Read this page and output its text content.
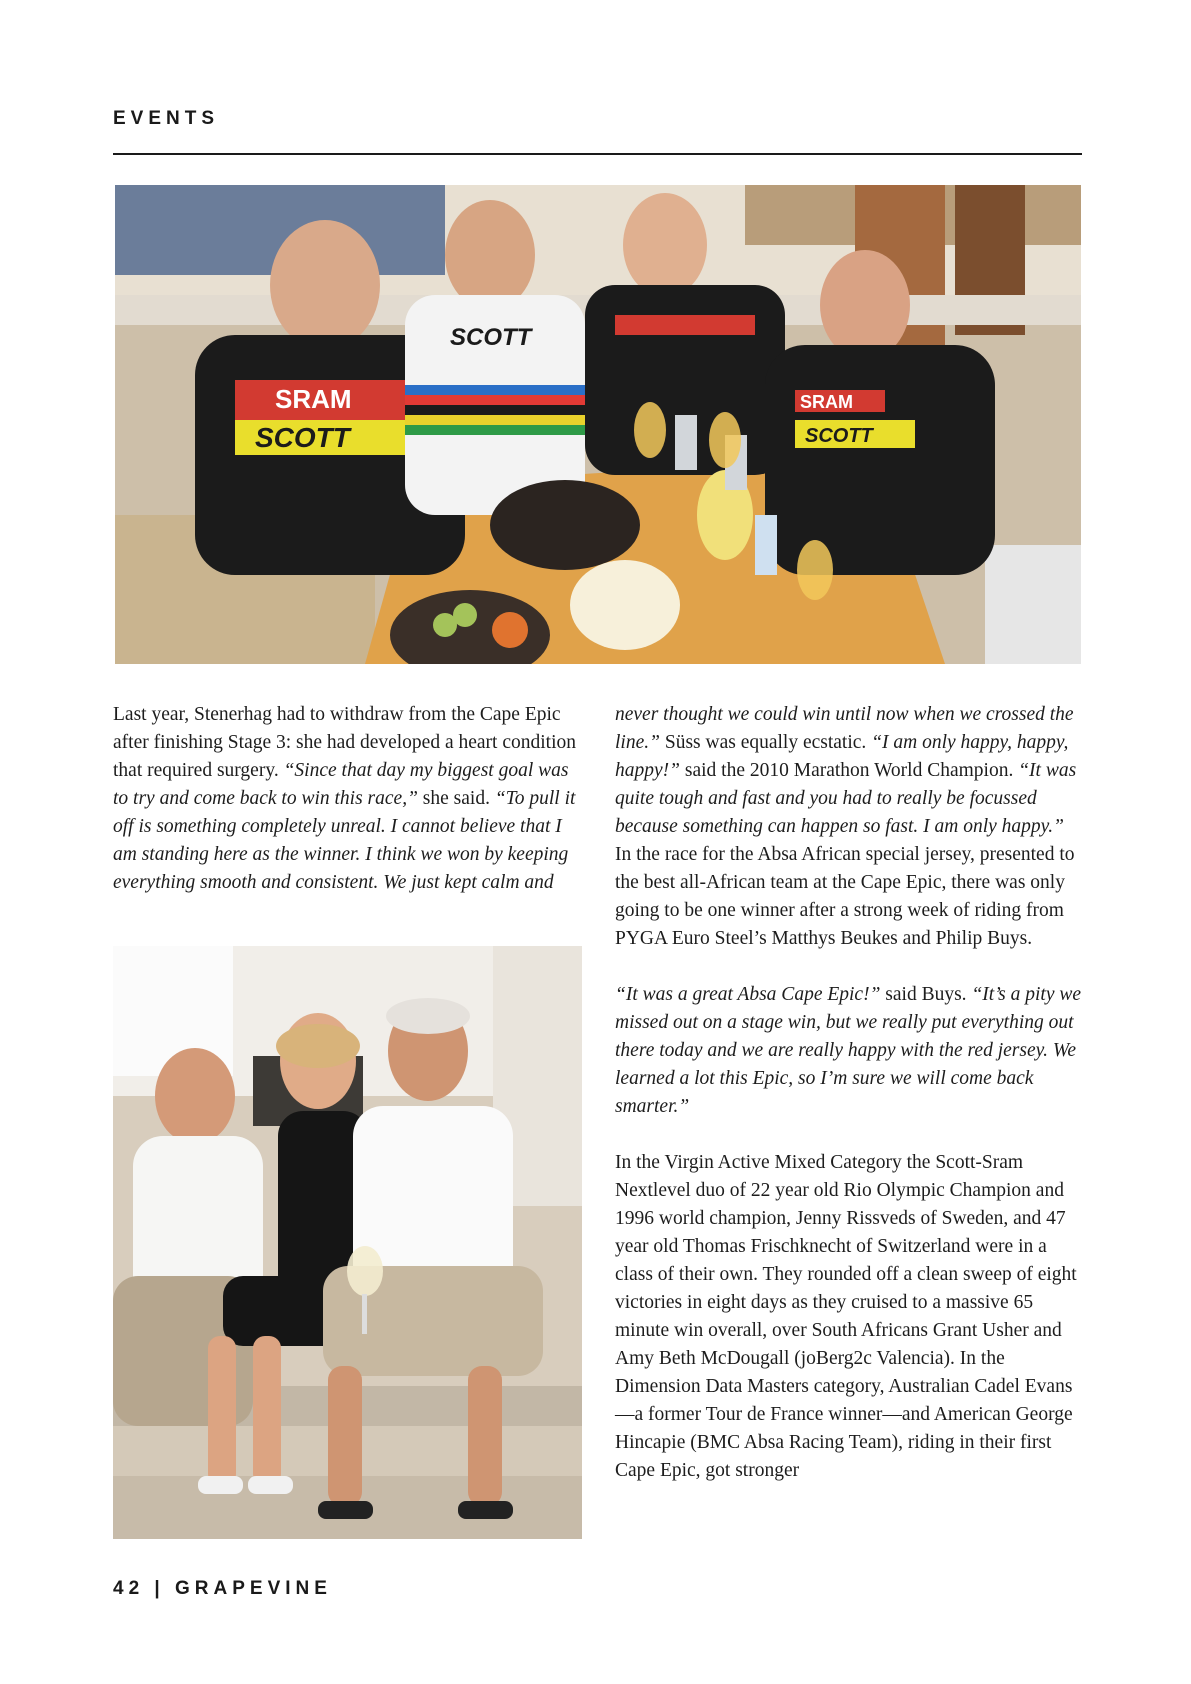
EVENTS
SRAM
SCOTT
SCOTT
SRAM
SCOTT

Last year, Stenerhag had to withdraw from the Cape Epic after finishing Stage 3: she had developed a heart condition that required surgery. “Since that day my biggest goal was to try and come back to win this race,” she said. “To pull it off is something completely unreal. I cannot believe that I am standing here as the winner. I think we won by keeping everything smooth and consistent. We just kept calm and

never thought we could win until now when we crossed the line.” Süss was equally ecstatic. “I am only happy, happy, happy!” said the 2010 Marathon World Champion. “It was quite tough and fast and you had to really be focussed because something can happen so fast. I am only happy.” In the race for the Absa African special jersey, presented to the best all-African team at the Cape Epic, there was only going to be one winner after a strong week of riding from PYGA Euro Steel’s Matthys Beukes and Philip Buys.

“It was a great Absa Cape Epic!” said Buys. “It’s a pity we missed out on a stage win, but we really put everything out there today and we are really happy with the red jersey. We learned a lot this Epic, so I’m sure we will come back smarter.”

In the Virgin Active Mixed Category the Scott-Sram Nextlevel duo of 22 year old Rio Olympic Champion and 1996 world champion, Jenny Rissveds of Sweden, and 47 year old Thomas Frischknecht of Switzerland were in a class of their own. They rounded off a clean sweep of eight victories in eight days as they cruised to a massive 65 minute win overall, over South Africans Grant Usher and Amy Beth McDougall (joBerg2c Valencia). In the Dimension Data Masters category, Australian Cadel Evans—a former Tour de France winner—and American George Hincapie (BMC Absa Racing Team), riding in their first Cape Epic, got stronger

42 | GRAPEVINE
